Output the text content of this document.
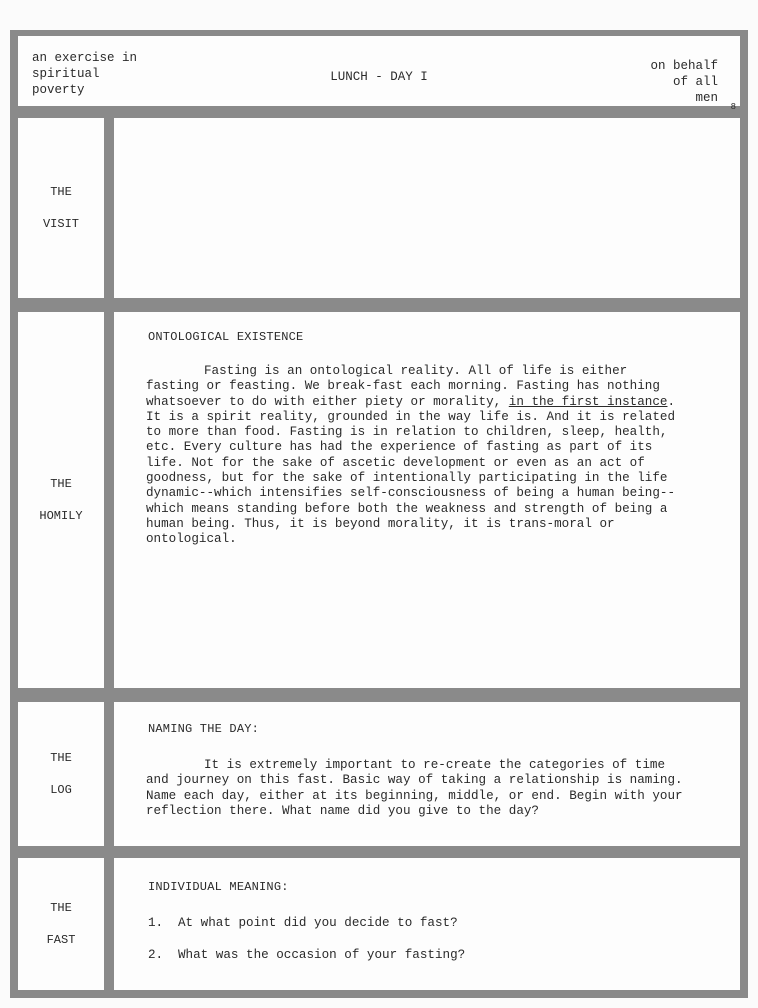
an exercise in
spiritual
poverty
LUNCH - DAY I
on behalf
of all
men
8
THE
VISIT
THE
HOMILY
ONTOLOGICAL EXISTENCE

Fasting is an ontological reality. All of life is either fasting or feasting. We break-fast each morning. Fasting has nothing whatsoever to do with either piety or morality, in the first instance. It is a spirit reality, grounded in the way life is. And it is related to more than food. Fasting is in relation to children, sleep, health, etc. Every culture has had the experience of fasting as part of its life. Not for the sake of ascetic development or even as an act of goodness, but for the sake of intentionally participating in the life dynamic--which intensifies self-consciousness of being a human being--which means standing before both the weakness and strength of being a human being. Thus, it is beyond morality, it is trans-moral or ontological.

THE
LOG
NAMING THE DAY:

It is extremely important to re-create the categories of time and journey on this fast. Basic way of taking a relationship is naming. Name each day, either at its beginning, middle, or end. Begin with your reflection there. What name did you give to the day?

THE
FAST
INDIVIDUAL MEANING:
1. At what point did you decide to fast?
2. What was the occasion of your fasting?
